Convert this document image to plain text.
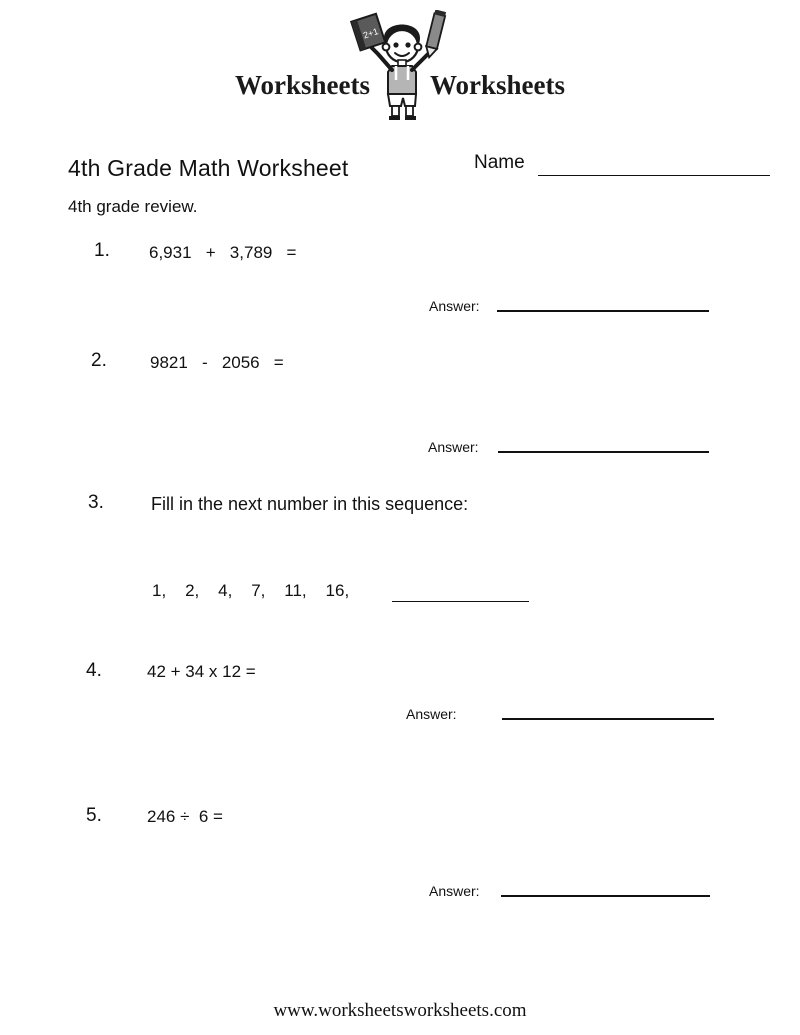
Worksheets Worksheets
2+1
4th Grade Math Worksheet
4th grade review.
Name
1. 6,931   +   3,789   =
Answer:
2.	9821   -   2056   =
Answer:
3.	Fill in the next number in this sequence:
1,    2,    4,    7,    11,    16,
4.	42 + 34 x 12 =
Answer:
5.	246 ÷  6 =
Answer:
www.worksheetsworksheets.com
